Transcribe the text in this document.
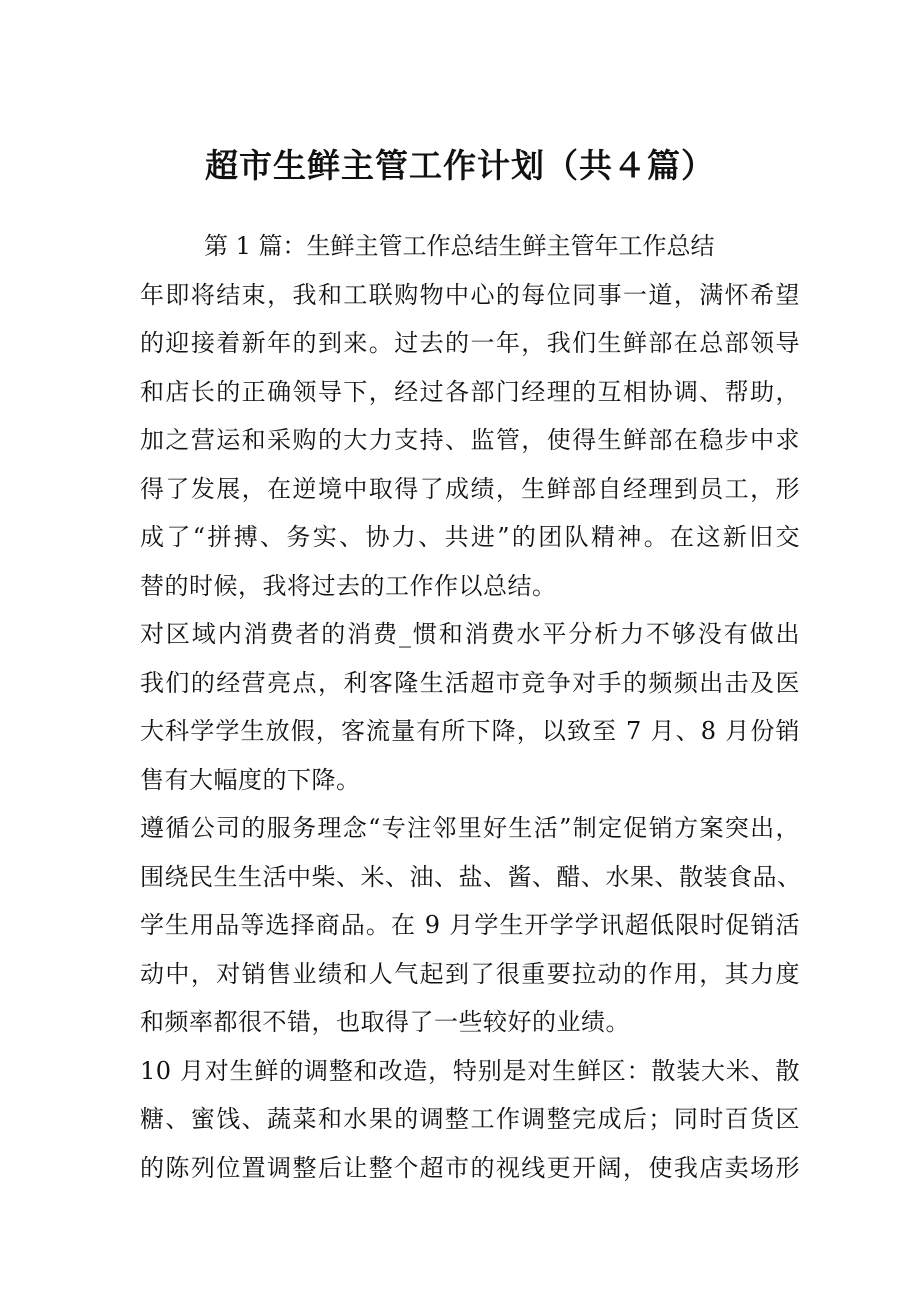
超市生鲜主管工作计划（共４篇）

第 1 篇：生鲜主管工作总结生鲜主管年工作总结

年即将结束，我和工联购物中心的每位同事一道，满怀希望
的迎接着新年的到来。过去的一年，我们生鲜部在总部领导
和店长的正确领导下，经过各部门经理的互相协调、帮助，
加之营运和采购的大力支持、监管，使得生鲜部在稳步中求
得了发展，在逆境中取得了成绩，生鲜部自经理到员工，形
成了“拼搏、务实、协力、共进”的团队精神。在这新旧交
替的时候，我将过去的工作作以总结。

对区域内消费者的消费_惯和消费水平分析力不够没有做出
我们的经营亮点，利客隆生活超市竞争对手的频频出击及医
大科学学生放假，客流量有所下降，以致至 7 月、8 月份销
售有大幅度的下降。

遵循公司的服务理念“专注邻里好生活”制定促销方案突出，
围绕民生生活中柴、米、油、盐、酱、醋、水果、散装食品、
学生用品等选择商品。在 9 月学生开学学讯超低限时促销活
动中，对销售业绩和人气起到了很重要拉动的作用，其力度
和频率都很不错，也取得了一些较好的业绩。

10 月对生鲜的调整和改造，特别是对生鲜区：散装大米、散
糖、蜜饯、蔬菜和水果的调整工作调整完成后；同时百货区
的陈列位置调整后让整个超市的视线更开阔，使我店卖场形
